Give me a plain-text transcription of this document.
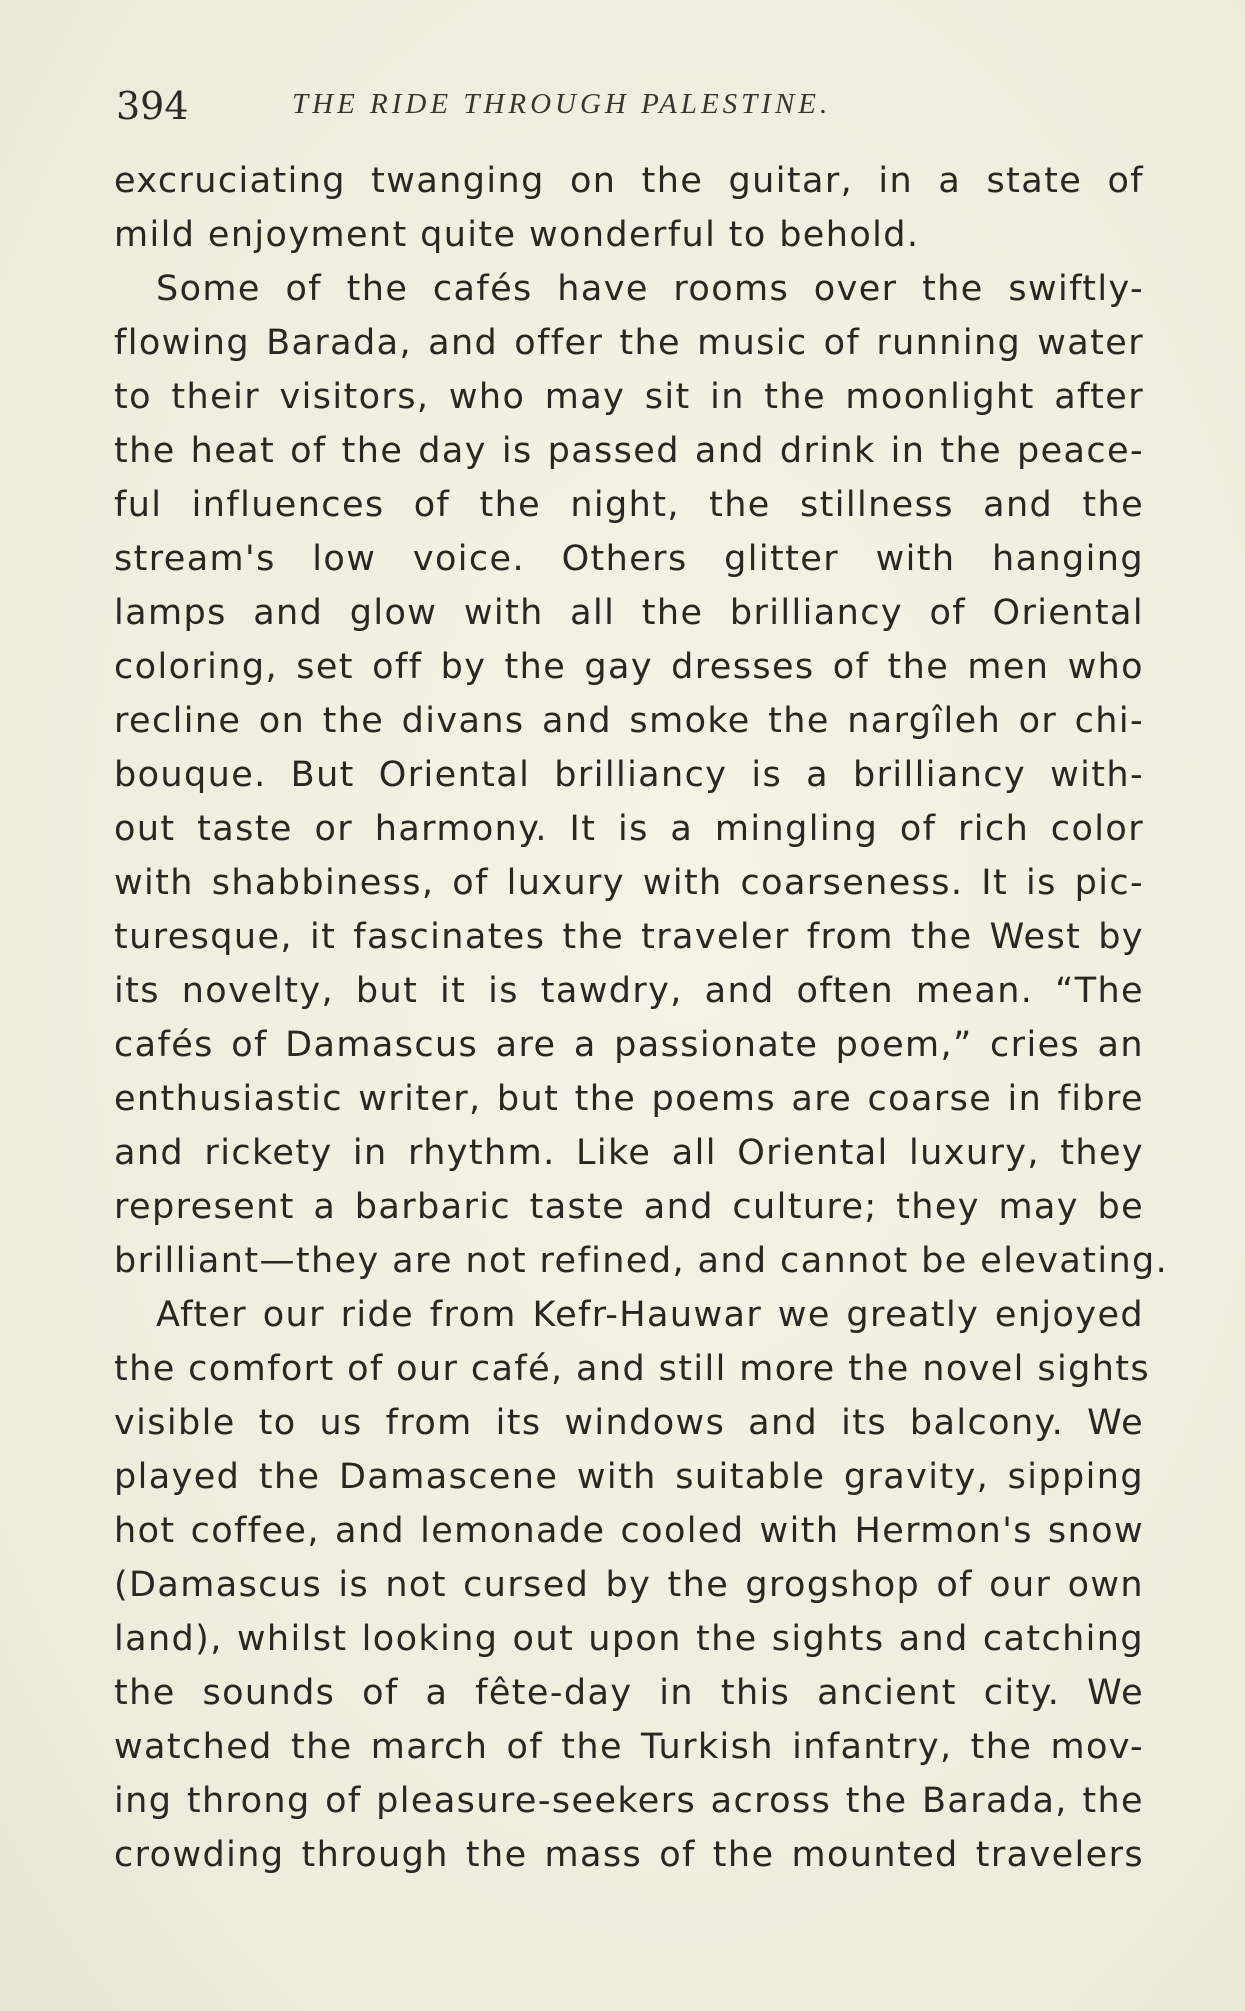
394	THE RIDE THROUGH PALESTINE.
excruciating twanging on the guitar, in a state of
mild enjoyment quite wonderful to behold.
Some of the cafés have rooms over the swiftly-
flowing Barada, and offer the music of running water
to their visitors, who may sit in the moonlight after
the heat of the day is passed and drink in the peace-
ful influences of the night, the stillness and the
stream's low voice. Others glitter with hanging
lamps and glow with all the brilliancy of Oriental
coloring, set off by the gay dresses of the men who
recline on the divans and smoke the nargîleh or chi-
bouque. But Oriental brilliancy is a brilliancy with-
out taste or harmony. It is a mingling of rich color
with shabbiness, of luxury with coarseness. It is pic-
turesque, it fascinates the traveler from the West by
its novelty, but it is tawdry, and often mean. “The
cafés of Damascus are a passionate poem,” cries an
enthusiastic writer, but the poems are coarse in fibre
and rickety in rhythm. Like all Oriental luxury, they
represent a barbaric taste and culture; they may be
brilliant—they are not refined, and cannot be elevating.
After our ride from Kefr-Hauwar we greatly enjoyed
the comfort of our café, and still more the novel sights
visible to us from its windows and its balcony. We
played the Damascene with suitable gravity, sipping
hot coffee, and lemonade cooled with Hermon's snow
(Damascus is not cursed by the grogshop of our own
land), whilst looking out upon the sights and catching
the sounds of a fête-day in this ancient city. We
watched the march of the Turkish infantry, the mov-
ing throng of pleasure-seekers across the Barada, the
crowding through the mass of the mounted travelers
